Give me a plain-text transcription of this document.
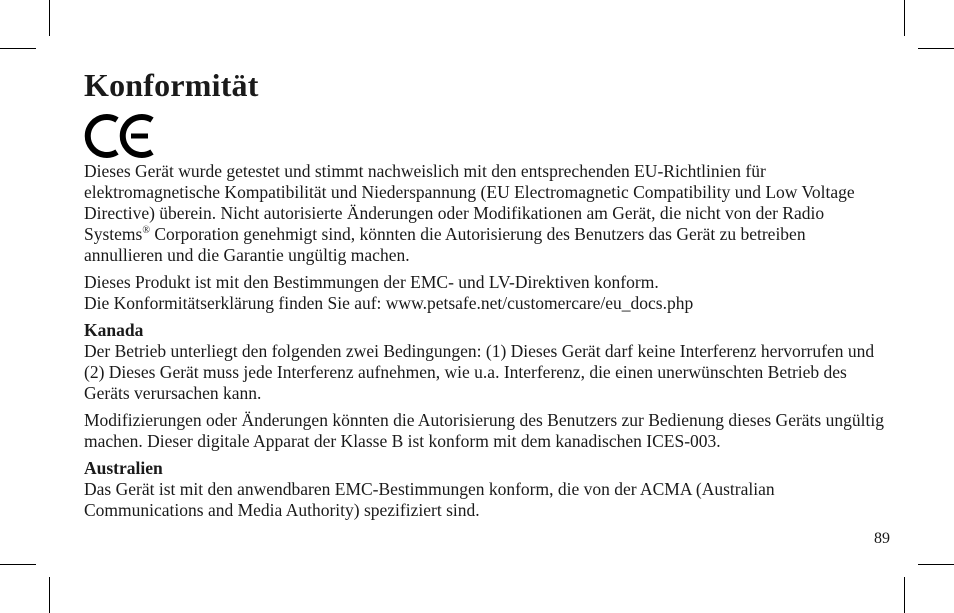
Konformität

Dieses Gerät wurde getestet und stimmt nachweislich mit den entsprechenden EU-Richtlinien für elektromagnetische Kompatibilität und Niederspannung (EU Electromagnetic Compatibility und Low Voltage Directive) überein. Nicht autorisierte Änderungen oder Modifikationen am Gerät, die nicht von der Radio Systems® Corporation genehmigt sind, könnten die Autorisierung des Benutzers das Gerät zu betreiben annullieren und die Garantie ungültig machen.

Dieses Produkt ist mit den Bestimmungen der EMC- und LV-Direktiven konform.
Die Konformitätserklärung finden Sie auf: www.petsafe.net/customercare/eu_docs.php

Kanada
Der Betrieb unterliegt den folgenden zwei Bedingungen: (1) Dieses Gerät darf keine Interferenz hervorrufen und (2) Dieses Gerät muss jede Interferenz aufnehmen, wie u.a. Interferenz, die einen unerwünschten Betrieb des Geräts verursachen kann.

Modifizierungen oder Änderungen könnten die Autorisierung des Benutzers zur Bedienung dieses Geräts ungültig machen. Dieser digitale Apparat der Klasse B ist konform mit dem kanadischen ICES-003.

Australien
Das Gerät ist mit den anwendbaren EMC-Bestimmungen konform, die von der ACMA (Australian Communications and Media Authority) spezifiziert sind.

89
